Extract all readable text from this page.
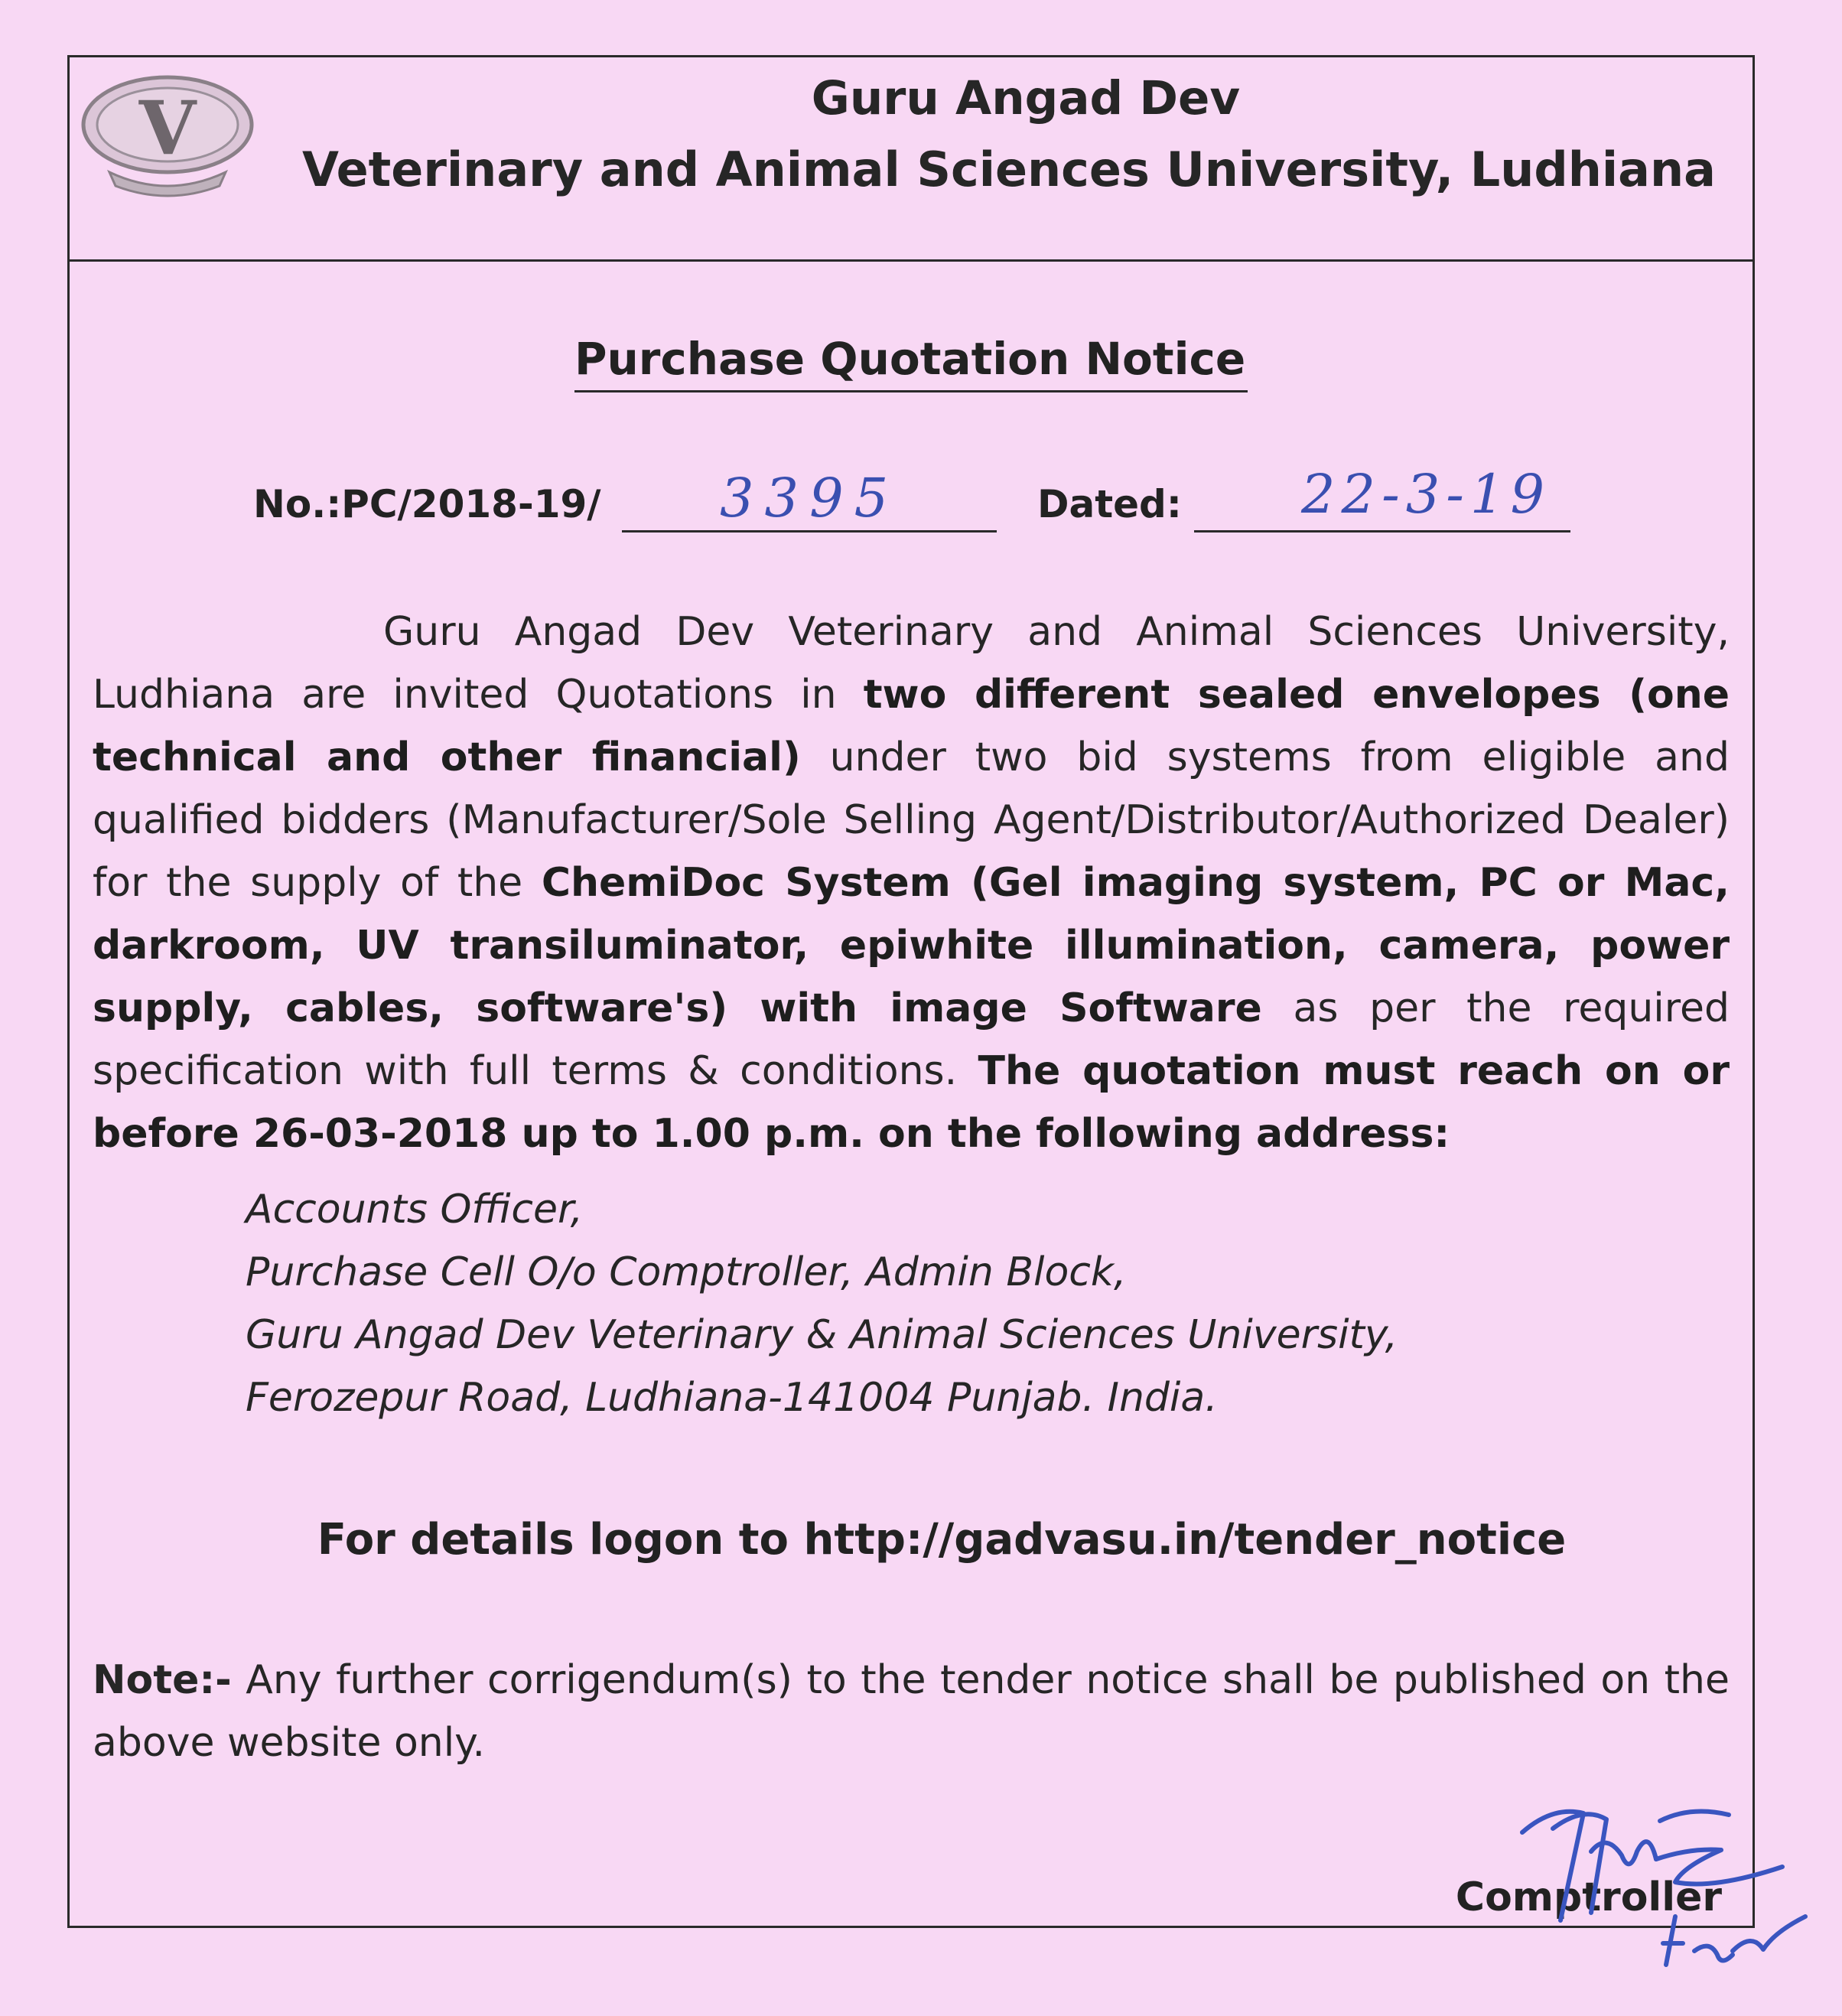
V	Guru Angad Dev
Veterinary and Animal Sciences University, Ludhiana
Purchase Quotation Notice
No.:PC/2018-19/ 3395	Dated: 22-3-19
Guru Angad Dev Veterinary and Animal Sciences University, Ludhiana are invited Quotations in two different sealed envelopes (one technical and other financial) under two bid systems from eligible and qualified bidders (Manufacturer/Sole Selling Agent/Distributor/Authorized Dealer) for the supply of the ChemiDoc System (Gel imaging system, PC or Mac, darkroom, UV transiluminator, epiwhite illumination, camera, power supply, cables, software's) with image Software as per the required specification with full terms & conditions. The quotation must reach on or before 26-03-2018 up to 1.00 p.m. on the following address:
Accounts Officer,
Purchase Cell O/o Comptroller, Admin Block,
Guru Angad Dev Veterinary & Animal Sciences University,
Ferozepur Road, Ludhiana-141004 Punjab. India.
For details logon to http://gadvasu.in/tender_notice
Note:- Any further corrigendum(s) to the tender notice shall be published on the above website only.
Comptroller
